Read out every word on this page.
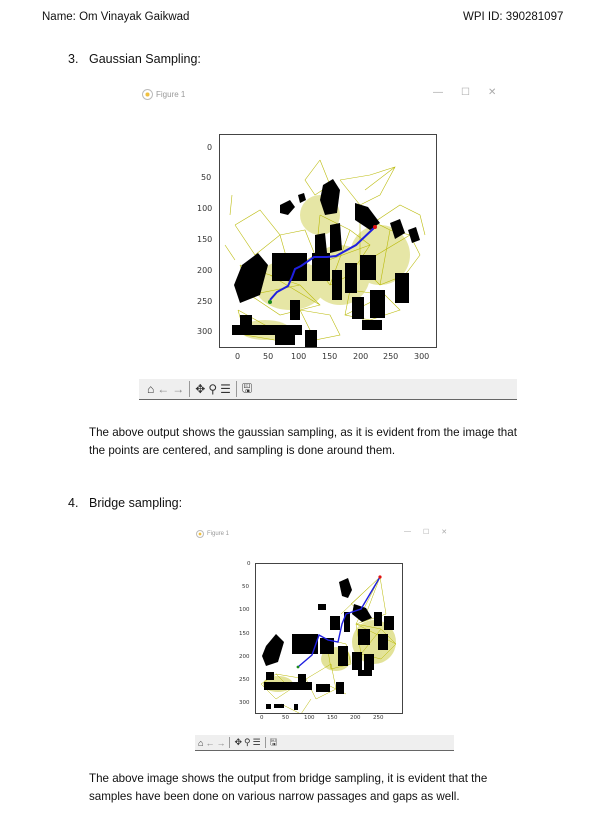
Name: Om Vinayak Gaikwad	WPI ID: 390281097
3. Gaussian Sampling:
Figure 1	— ☐ ✕
0
50
100
150
200
250
300
0	50 100 150 200 250 300
⌂ ← → ✥ ⚲ ☰ 🖫
The above output shows the gaussian sampling, as it is evident from the image that
the points are centered, and sampling is done around them.
4. Bridge sampling:
Figure 1	— ☐ ✕
0
50
100
150
200
250
300
0	50	100 150 200 250
⌂ ← → ✥ ⚲ ☰ 🖫
The above image shows the output from bridge sampling, it is evident that the
samples have been done on various narrow passages and gaps as well.
